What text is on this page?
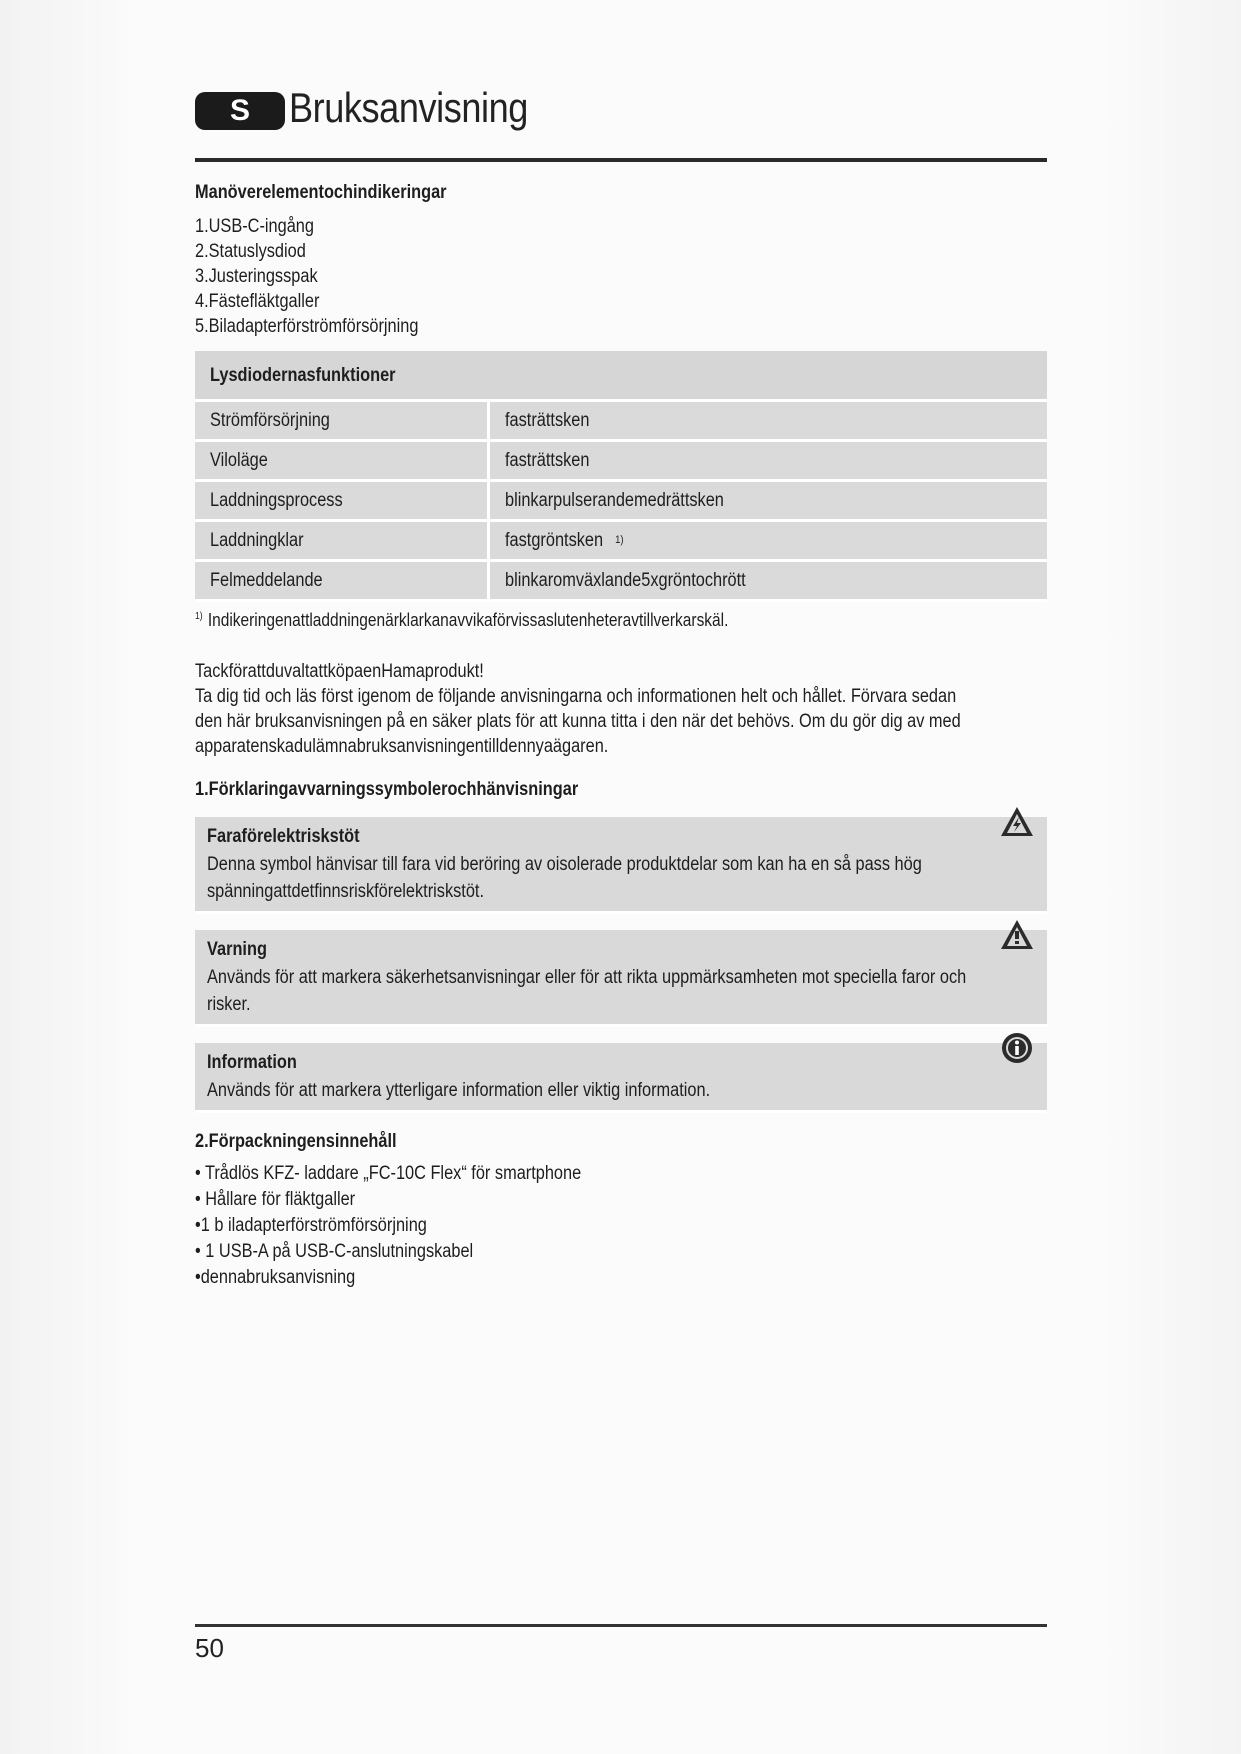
S Bruksanvisning

Manöverelementochindikeringar

1.USB-C-ingång
2.Statuslysdiod
3.Justeringsspak
4.Fästefläktgaller
5.Biladapterförströmförsörjning
Lysdiodernasfunktioner
Strömförsörjning	fasträttsken
Viloläge	fasträttsken
Laddningsprocess	blinkarpulserandemedrättsken
Laddningklar	fastgröntsken $^{1)}$
Felmeddelande	blinkaromväxlande5xgröntochrött
$^{1)}$ Indikeringenattladdningenärklarkanavvikaförvissaslutenheteravtillverkarskäl.
TackförattduvaltattköpaenHamaprodukt!
Ta dig tid och läs först igenom de följande anvisningarna och informationen helt och hållet. Förvara sedan
den här bruksanvisningen på en säker plats för att kunna titta i den när det behövs. Om du gör dig av med
apparatenskadulämnabruksanvisningentilldennyaägaren.

1.Förklaringavvarningssymbolerochhänvisningar

Faraförelektriskstöt
Denna symbol hänvisar till fara vid beröring av oisolerade produktdelar som kan ha en så pass hög
spänningattdetfinnsriskförelektriskstöt.
Varning
Används för att markera säkerhetsanvisningar eller för att rikta uppmärksamheten mot speciella faror och
risker.
Information
Används för att markera ytterligare information eller viktig information.

2.Förpackningensinnehåll

• Trådlös KFZ- laddare „FC-10C Flex“ för smartphone
• Hållare för fläktgaller
•1 b iladapterförströmförsörjning
• 1 USB-A på USB-C-anslutningskabel
•dennabruksanvisning
50
